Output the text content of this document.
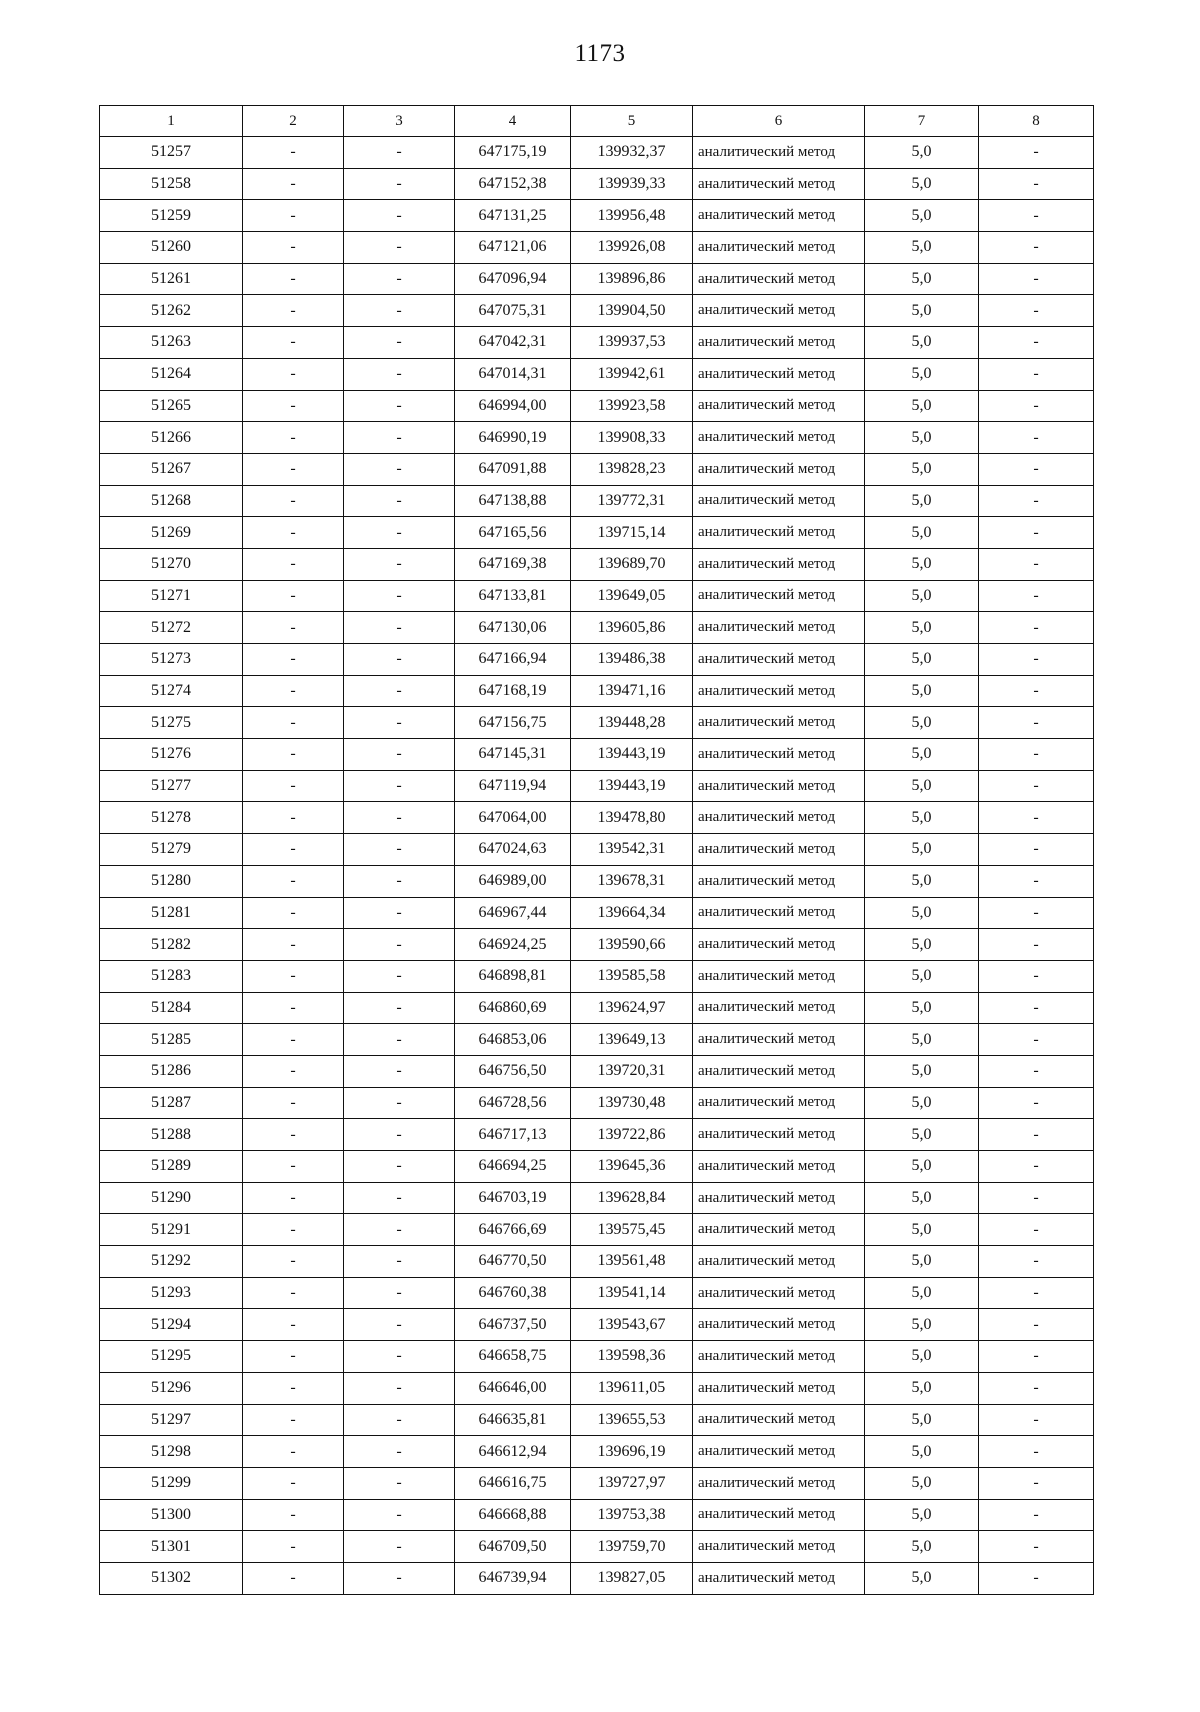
1173
1	2	3	4	5	6	7	8
51257	-	-	647175,19	139932,37	аналитический метод	5,0	-
51258	-	-	647152,38	139939,33	аналитический метод	5,0	-
51259	-	-	647131,25	139956,48	аналитический метод	5,0	-
51260	-	-	647121,06	139926,08	аналитический метод	5,0	-
51261	-	-	647096,94	139896,86	аналитический метод	5,0	-
51262	-	-	647075,31	139904,50	аналитический метод	5,0	-
51263	-	-	647042,31	139937,53	аналитический метод	5,0	-
51264	-	-	647014,31	139942,61	аналитический метод	5,0	-
51265	-	-	646994,00	139923,58	аналитический метод	5,0	-
51266	-	-	646990,19	139908,33	аналитический метод	5,0	-
51267	-	-	647091,88	139828,23	аналитический метод	5,0	-
51268	-	-	647138,88	139772,31	аналитический метод	5,0	-
51269	-	-	647165,56	139715,14	аналитический метод	5,0	-
51270	-	-	647169,38	139689,70	аналитический метод	5,0	-
51271	-	-	647133,81	139649,05	аналитический метод	5,0	-
51272	-	-	647130,06	139605,86	аналитический метод	5,0	-
51273	-	-	647166,94	139486,38	аналитический метод	5,0	-
51274	-	-	647168,19	139471,16	аналитический метод	5,0	-
51275	-	-	647156,75	139448,28	аналитический метод	5,0	-
51276	-	-	647145,31	139443,19	аналитический метод	5,0	-
51277	-	-	647119,94	139443,19	аналитический метод	5,0	-
51278	-	-	647064,00	139478,80	аналитический метод	5,0	-
51279	-	-	647024,63	139542,31	аналитический метод	5,0	-
51280	-	-	646989,00	139678,31	аналитический метод	5,0	-
51281	-	-	646967,44	139664,34	аналитический метод	5,0	-
51282	-	-	646924,25	139590,66	аналитический метод	5,0	-
51283	-	-	646898,81	139585,58	аналитический метод	5,0	-
51284	-	-	646860,69	139624,97	аналитический метод	5,0	-
51285	-	-	646853,06	139649,13	аналитический метод	5,0	-
51286	-	-	646756,50	139720,31	аналитический метод	5,0	-
51287	-	-	646728,56	139730,48	аналитический метод	5,0	-
51288	-	-	646717,13	139722,86	аналитический метод	5,0	-
51289	-	-	646694,25	139645,36	аналитический метод	5,0	-
51290	-	-	646703,19	139628,84	аналитический метод	5,0	-
51291	-	-	646766,69	139575,45	аналитический метод	5,0	-
51292	-	-	646770,50	139561,48	аналитический метод	5,0	-
51293	-	-	646760,38	139541,14	аналитический метод	5,0	-
51294	-	-	646737,50	139543,67	аналитический метод	5,0	-
51295	-	-	646658,75	139598,36	аналитический метод	5,0	-
51296	-	-	646646,00	139611,05	аналитический метод	5,0	-
51297	-	-	646635,81	139655,53	аналитический метод	5,0	-
51298	-	-	646612,94	139696,19	аналитический метод	5,0	-
51299	-	-	646616,75	139727,97	аналитический метод	5,0	-
51300	-	-	646668,88	139753,38	аналитический метод	5,0	-
51301	-	-	646709,50	139759,70	аналитический метод	5,0	-
51302	-	-	646739,94	139827,05	аналитический метод	5,0	-
